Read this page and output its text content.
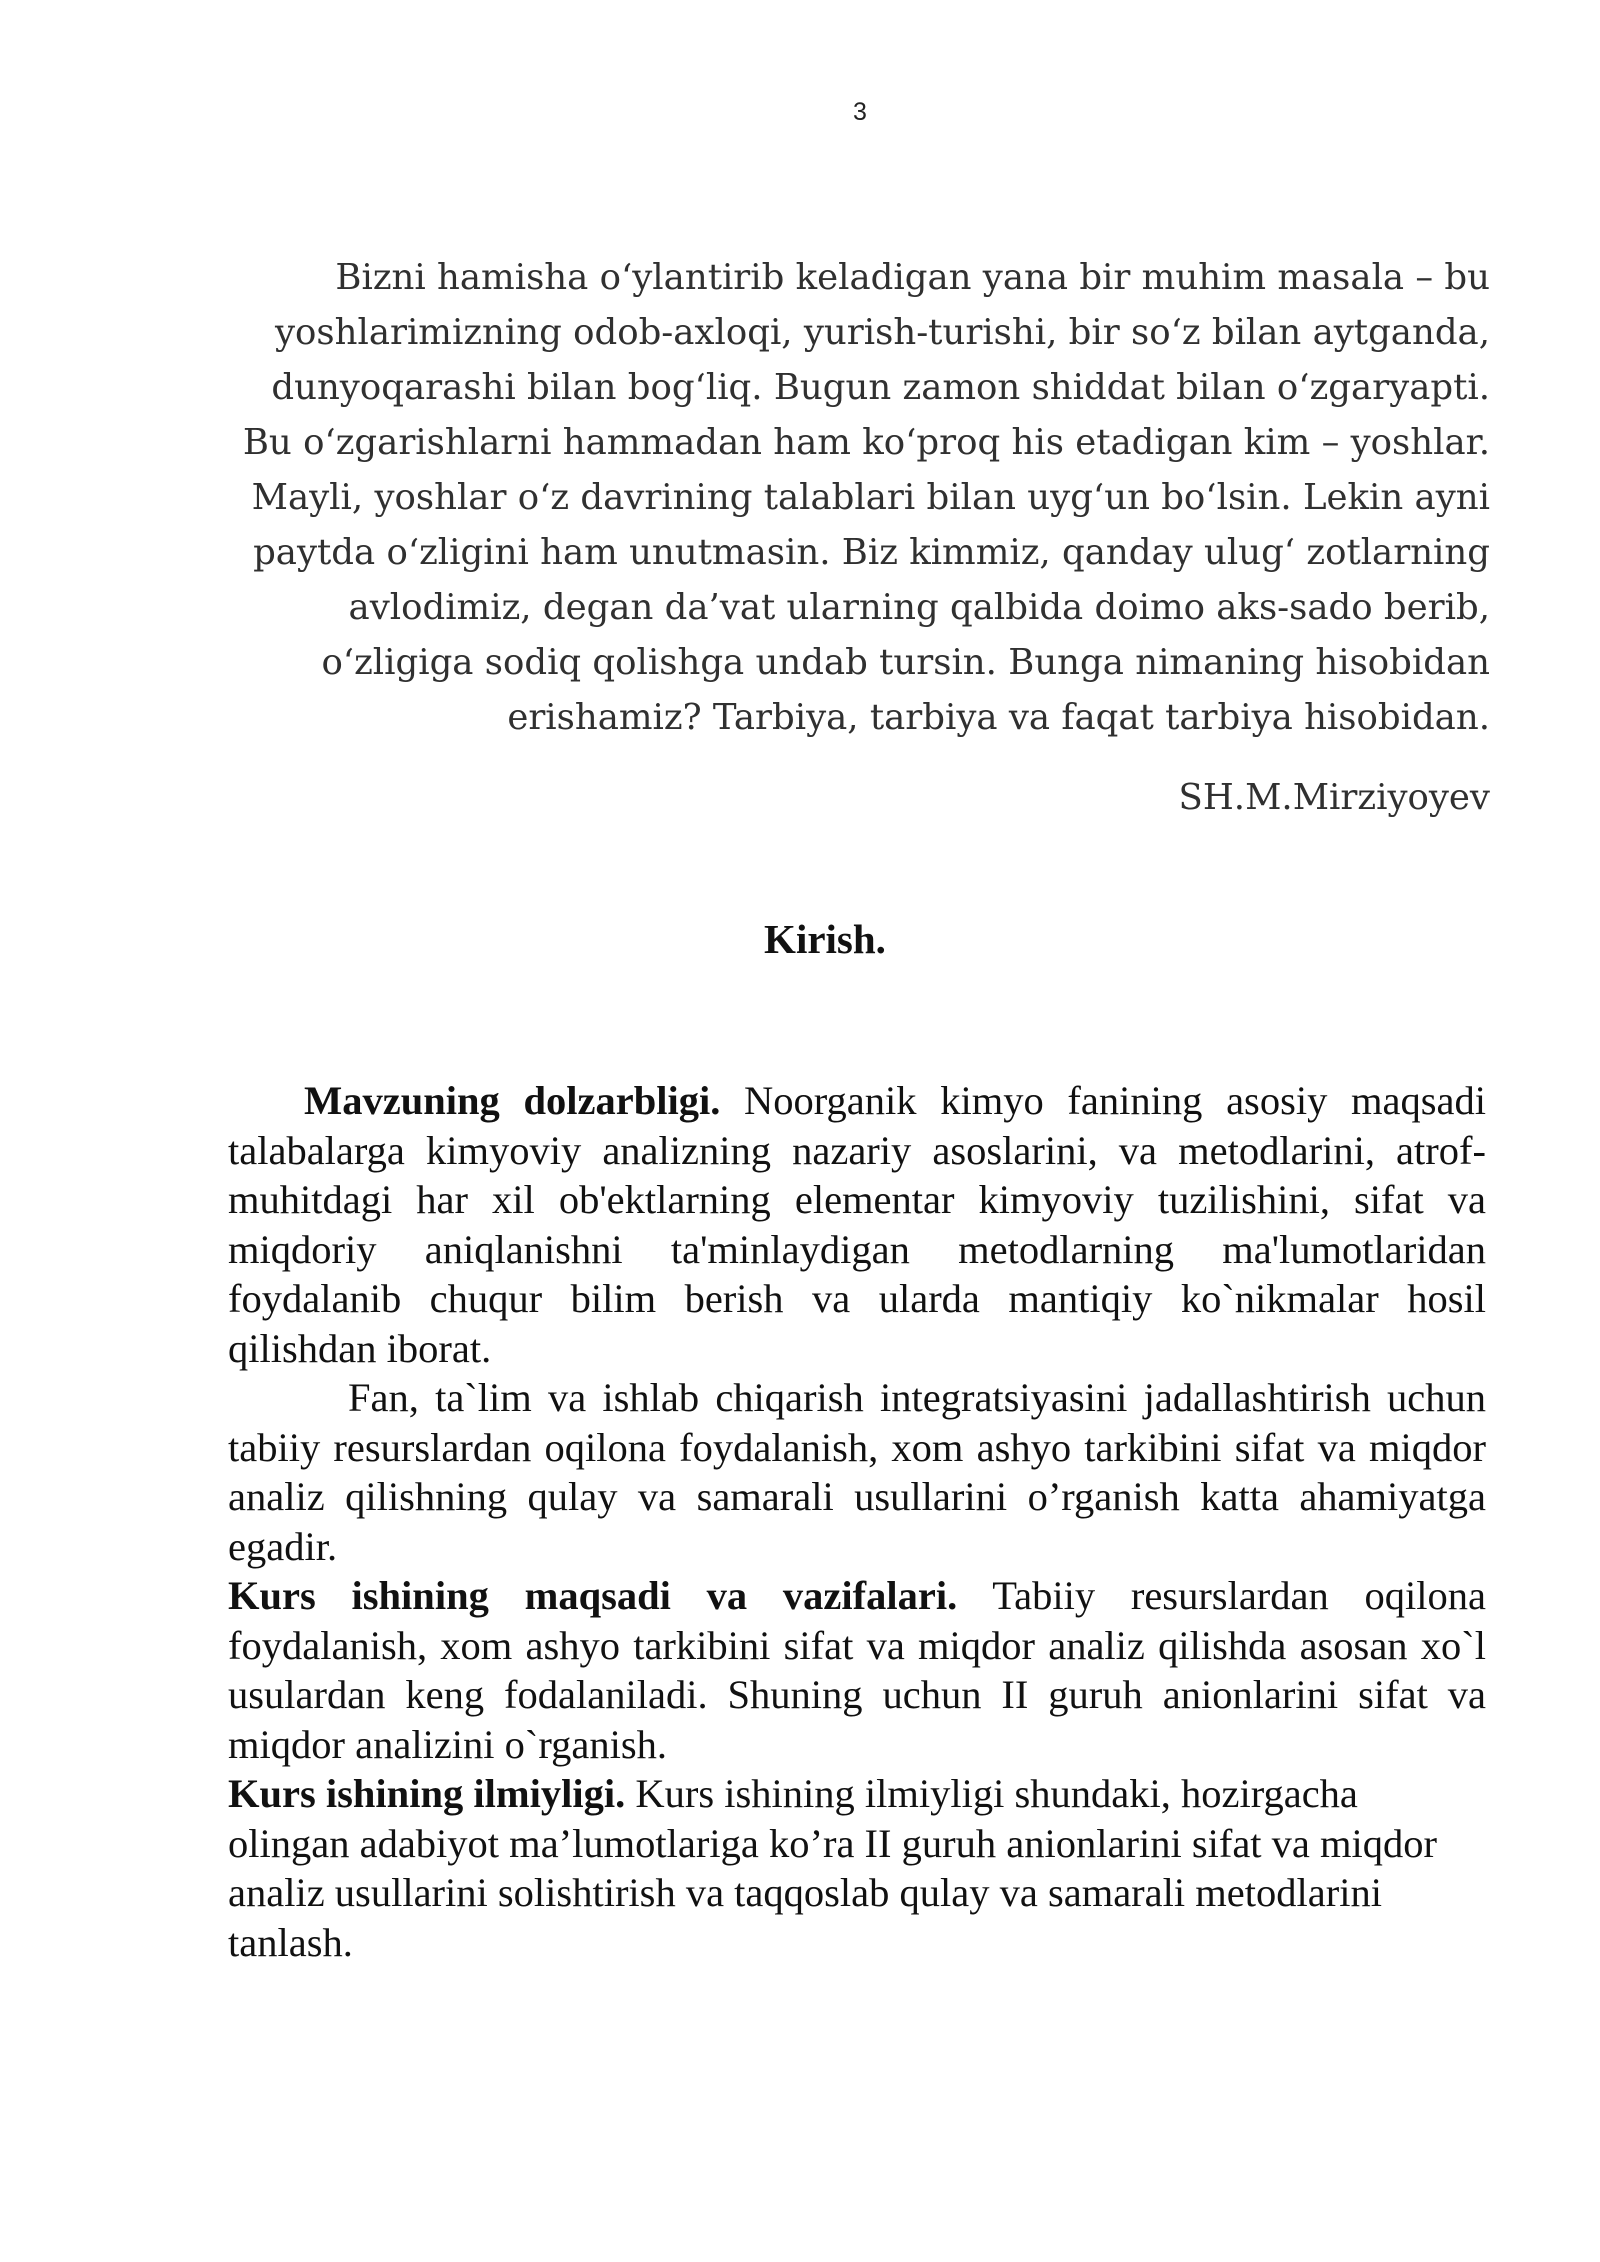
3
Bizni hamisha o‘ylantirib keladigan yana bir muhim masala – bu
yoshlarimizning odob-axloqi, yurish-turishi, bir so‘z bilan aytganda,
dunyoqarashi bilan bog‘liq. Bugun zamon shiddat bilan o‘zgaryapti.
Bu o‘zgarishlarni hammadan ham ko‘proq his etadigan kim – yoshlar.
Mayli, yoshlar o‘z davrining talablari bilan uyg‘un bo‘lsin. Lekin ayni
paytda o‘zligini ham unutmasin. Biz kimmiz, qanday ulug‘ zotlarning
avlodimiz, degan da’vat ularning qalbida doimo aks-sado berib,
o‘zligiga sodiq qolishga undab tursin. Bunga nimaning hisobidan
erishamiz? Tarbiya, tarbiya va faqat tarbiya hisobidan.
SH.M.Mirziyoyev
Kirish.

Mavzuning dolzarbligi. Noorganik kimyo fanining asosiy maqsadi talabalarga kimyoviy analizning nazariy asoslarini, va metodlarini, atrof-muhitdagi har xil ob'ektlarning elementar kimyoviy tuzilishini, sifat va miqdoriy aniqlanishni ta'minlaydigan metodlarning ma'lumotlaridan foydalanib chuqur bilim berish va ularda mantiqiy ko`nikmalar hosil qilishdan iborat.

Fan, ta`lim va ishlab chiqarish integratsiyasini jadallashtirish uchun tabiiy resurslardan oqilona foydalanish, xom ashyo tarkibini sifat va miqdor analiz qilishning qulay va samarali usullarini o’rganish katta ahamiyatga egadir.

Kurs ishining maqsadi va vazifalari. Tabiiy resurslardan oqilona foydalanish, xom ashyo tarkibini sifat va miqdor analiz qilishda asosan xo`l usulardan keng fodalaniladi. Shuning uchun II guruh anionlarini sifat va miqdor analizini o`rganish.

Kurs ishining ilmiyligi. Kurs ishining ilmiyligi shundaki, hozirgacha olingan adabiyot ma’lumotlariga ko’ra II guruh anionlarini sifat va miqdor analiz usullarini solishtirish va taqqoslab qulay va samarali metodlarini tanlash.
